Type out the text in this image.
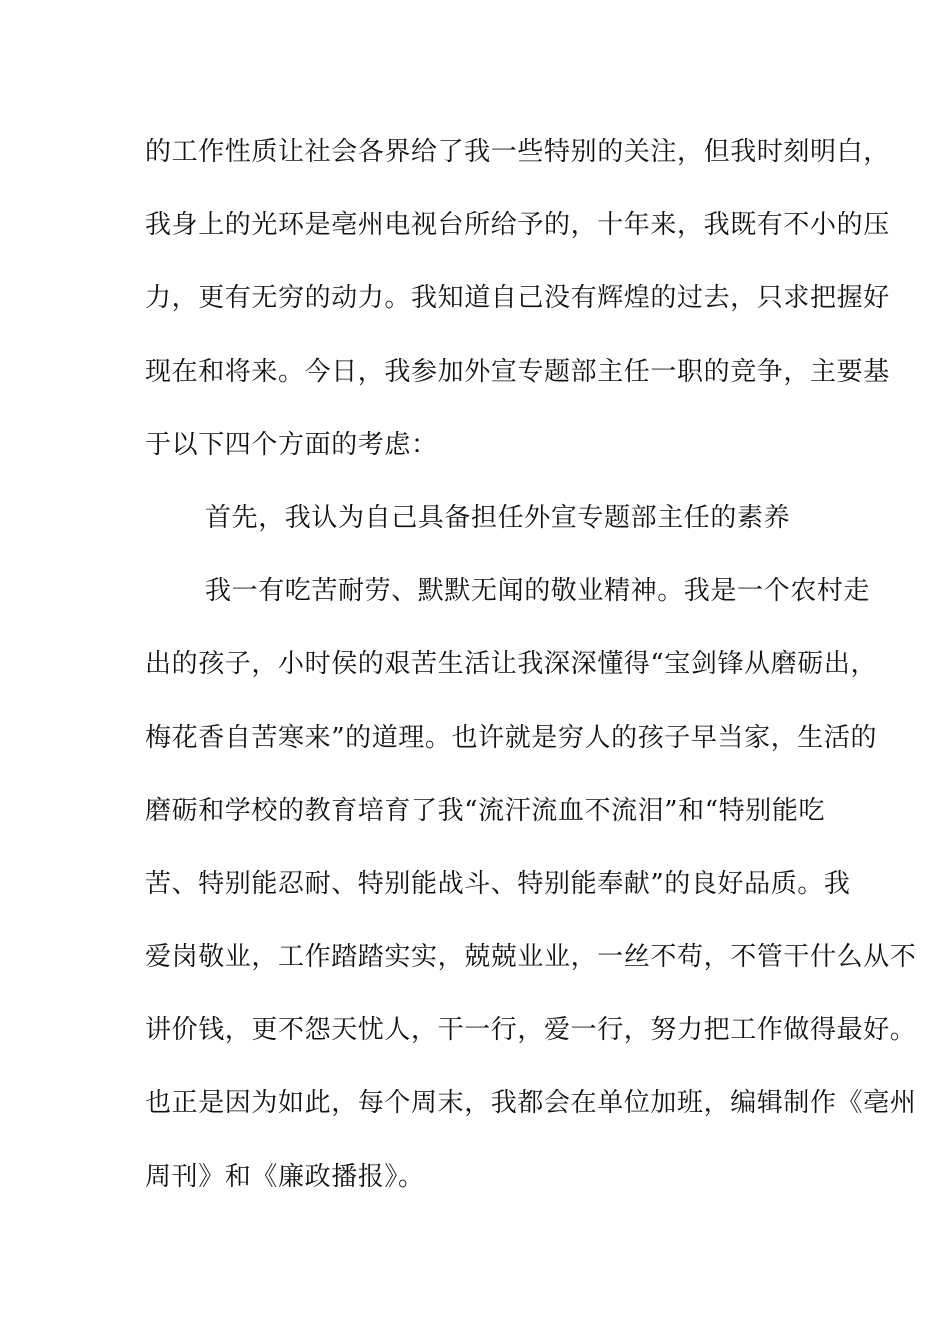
的工作性质让社会各界给了我一些特别的关注，但我时刻明白，
我身上的光环是亳州电视台所给予的，十年来，我既有不小的压
力，更有无穷的动力。我知道自己没有辉煌的过去，只求把握好
现在和将来。今日，我参加外宣专题部主任一职的竞争，主要基
于以下四个方面的考虑：
首先，我认为自己具备担任外宣专题部主任的素养
我一有吃苦耐劳、默默无闻的敬业精神。我是一个农村走
出的孩子，小时侯的艰苦生活让我深深懂得“宝剑锋从磨砺出，
梅花香自苦寒来”的道理。也许就是穷人的孩子早当家，生活的
磨砺和学校的教育培育了我“流汗流血不流泪”和“特别能吃
苦、特别能忍耐、特别能战斗、特别能奉献”的良好品质。我
爱岗敬业，工作踏踏实实，兢兢业业，一丝不苟，不管干什么从不
讲价钱，更不怨天忧人，干一行，爱一行，努力把工作做得最好。
也正是因为如此，每个周末，我都会在单位加班，编辑制作《亳州
周刊》和《廉政播报》。
